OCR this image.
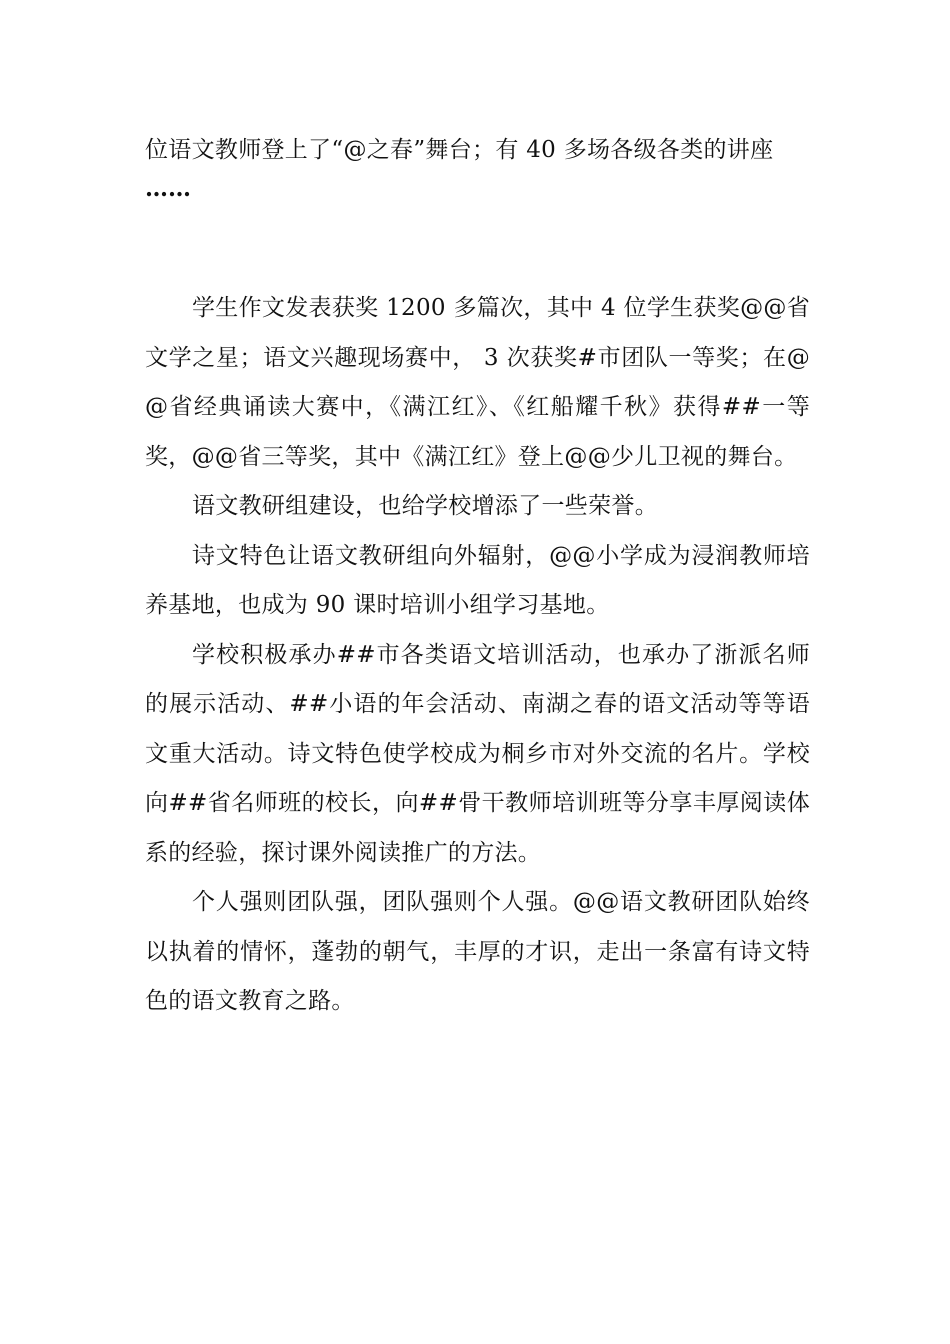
位语文教师登上了“@之春”舞台；有 40 多场各级各类的讲座

……

学生作文发表获奖 1200 多篇次，其中 4 位学生获奖@@省文学之星；语文兴趣现场赛中， 3 次获奖#市团队一等奖；在@@省经典诵读大赛中，《满江红》、《红船耀千秋》获得##一等奖，@@省三等奖，其中《满江红》登上@@少儿卫视的舞台。

语文教研组建设，也给学校增添了一些荣誉。

诗文特色让语文教研组向外辐射，@@小学成为浸润教师培养基地，也成为 90 课时培训小组学习基地。

学校积极承办##市各类语文培训活动，也承办了浙派名师的展示活动、##小语的年会活动、南湖之春的语文活动等等语文重大活动。诗文特色使学校成为桐乡市对外交流的名片。学校向##省名师班的校长，向##骨干教师培训班等分享丰厚阅读体系的经验，探讨课外阅读推广的方法。

个人强则团队强，团队强则个人强。@@语文教研团队始终以执着的情怀，蓬勃的朝气，丰厚的才识，走出一条富有诗文特色的语文教育之路。
